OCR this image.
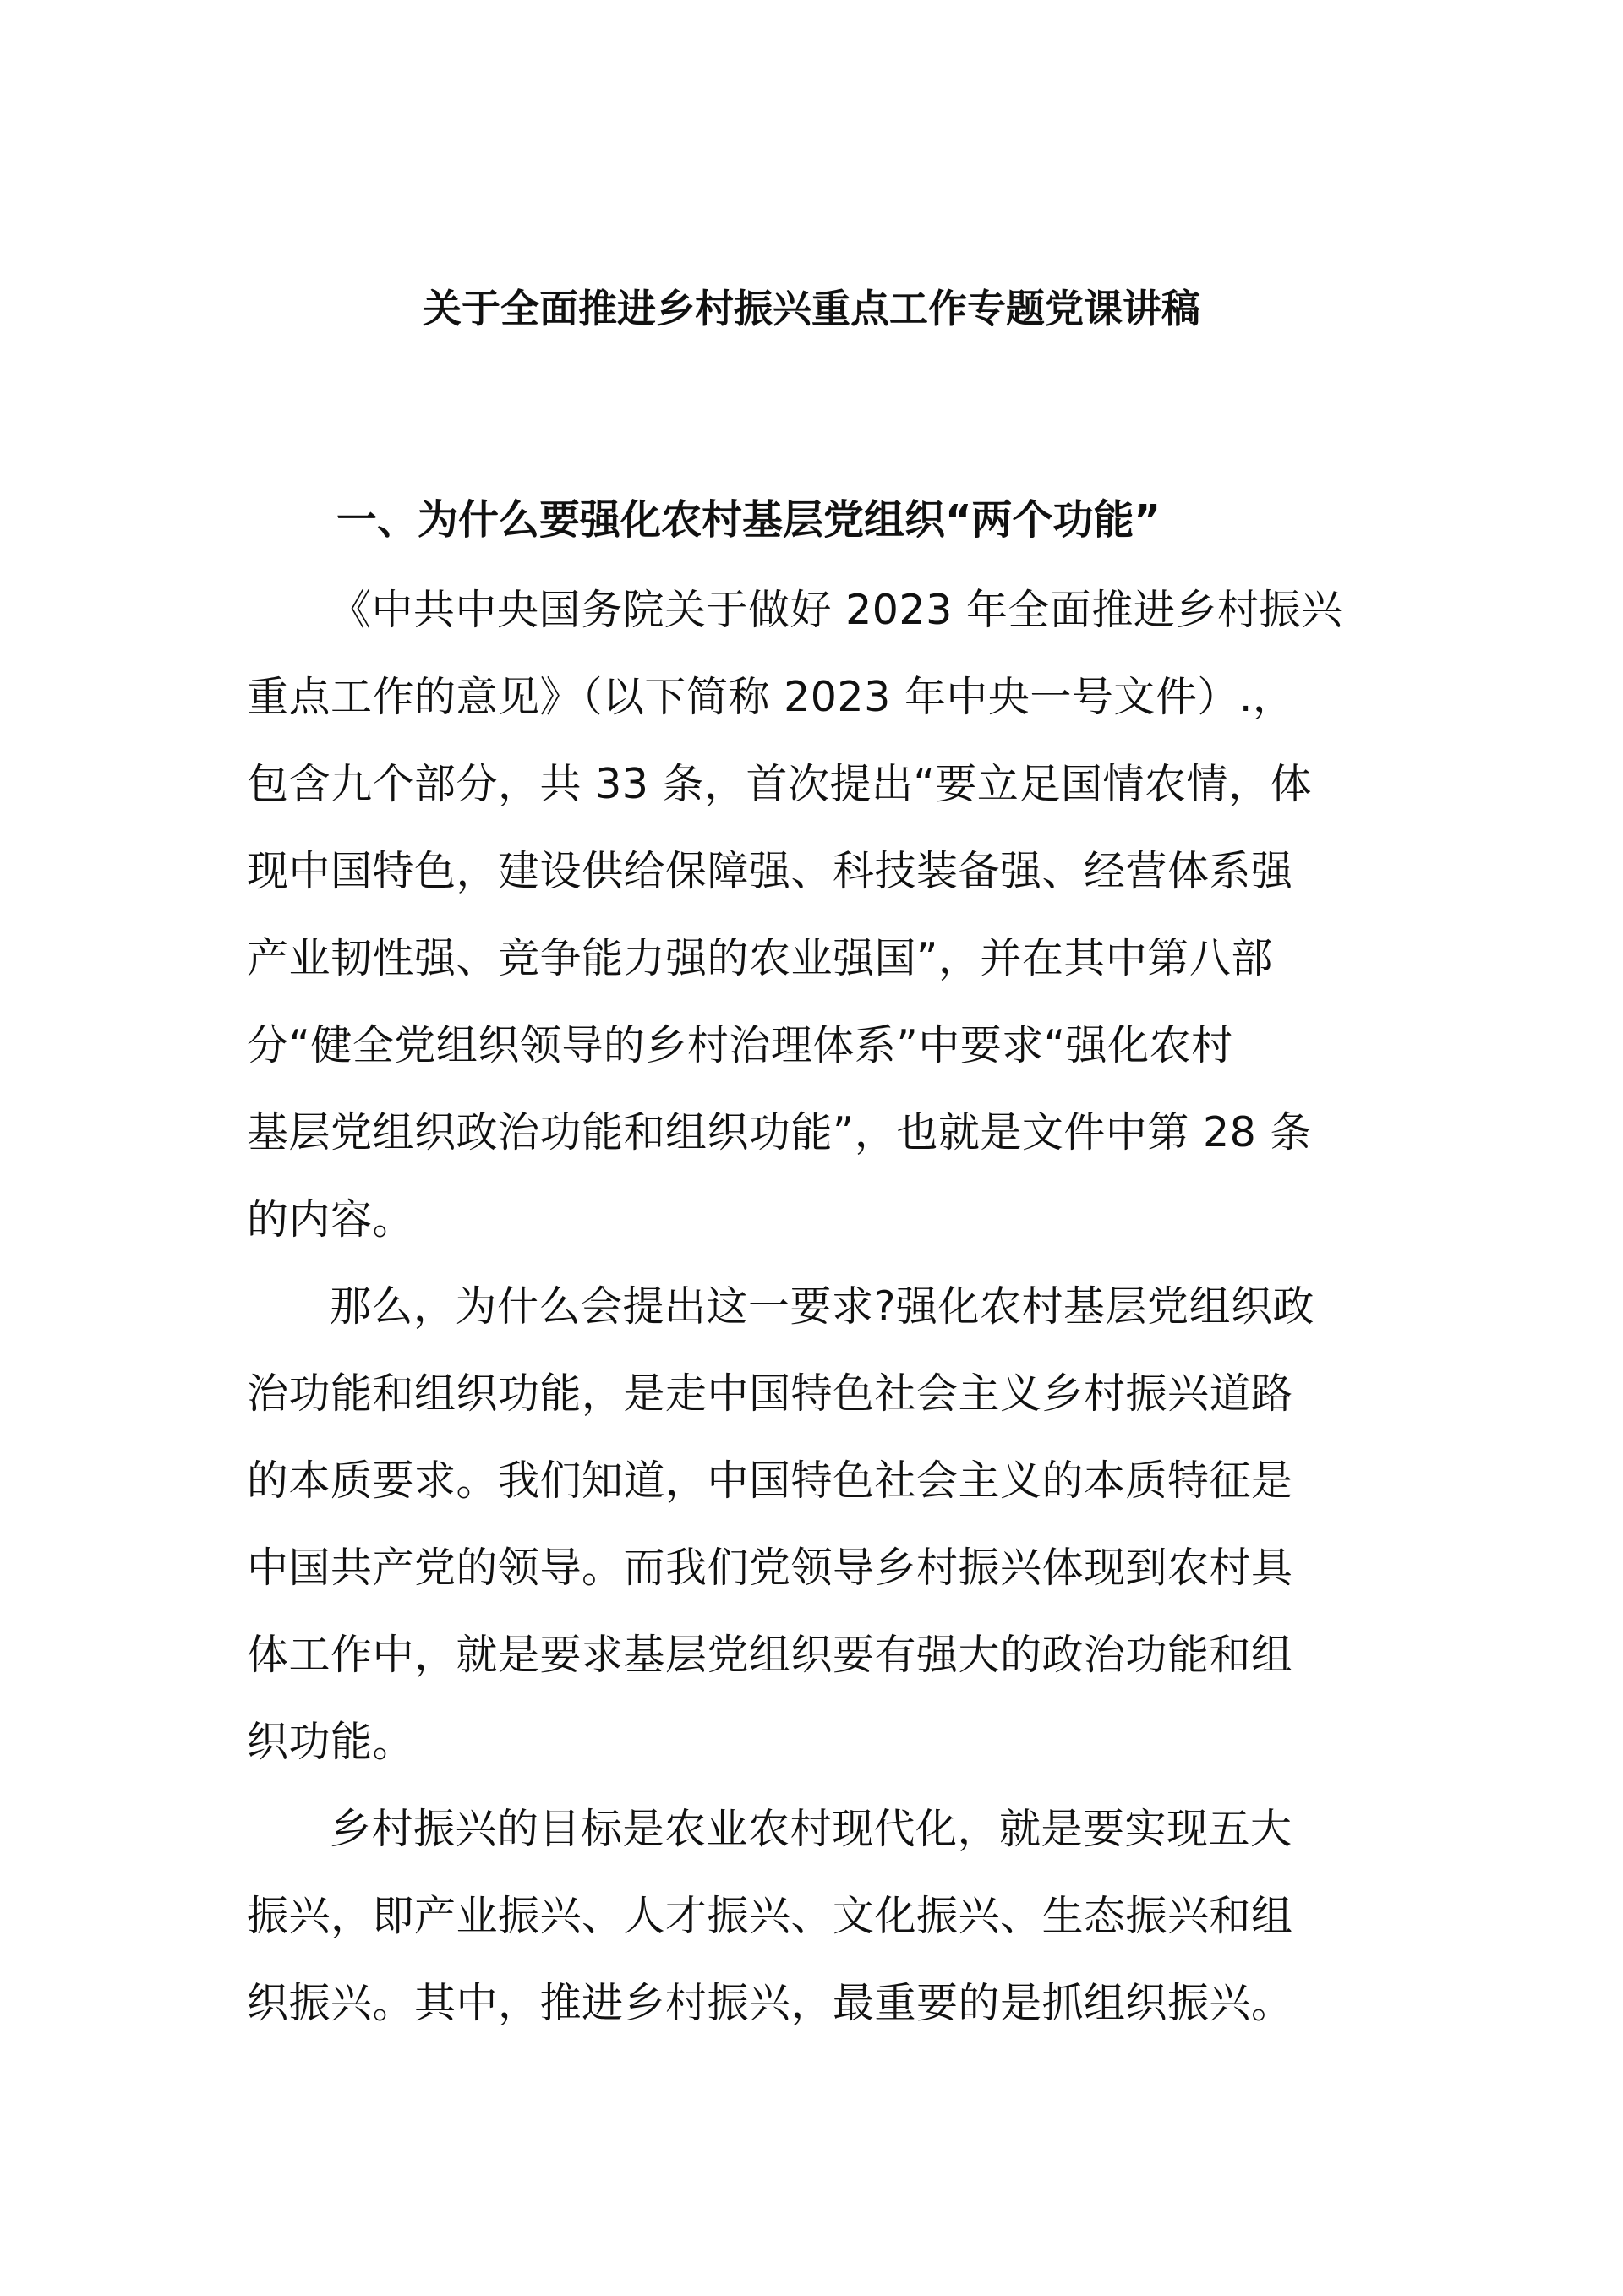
关于全面推进乡村振兴重点工作专题党课讲稿
一、为什么要强化农村基层党组织“两个功能”

《中共中央国务院关于做好 2023 年全面推进乡村振兴
重点工作的意见》（以下简称 2023 年中央一号文件）.，
包含九个部分，共 33 条，首次提出“要立足国情农情，体
现中国特色，建设供给保障强、科技装备强、经营体系强
产业韧性强、竞争能力强的农业强国”，并在其中第八部
分“健全党组织领导的乡村治理体系”中要求“强化农村
基层党组织政治功能和组织功能”，也就是文件中第 28 条
的内容。

那么，为什么会提出这一要求?强化农村基层党组织政
治功能和组织功能，是走中国特色社会主义乡村振兴道路
的本质要求。我们知道，中国特色社会主义的本质特征是
中国共产党的领导。而我们党领导乡村振兴体现到农村具
体工作中，就是要求基层党组织要有强大的政治功能和组
织功能。

乡村振兴的目标是农业农村现代化，就是要实现五大
振兴，即产业振兴、人才振兴、文化振兴、生态振兴和组
织振兴。其中，推进乡村振兴，最重要的是抓组织振兴。
